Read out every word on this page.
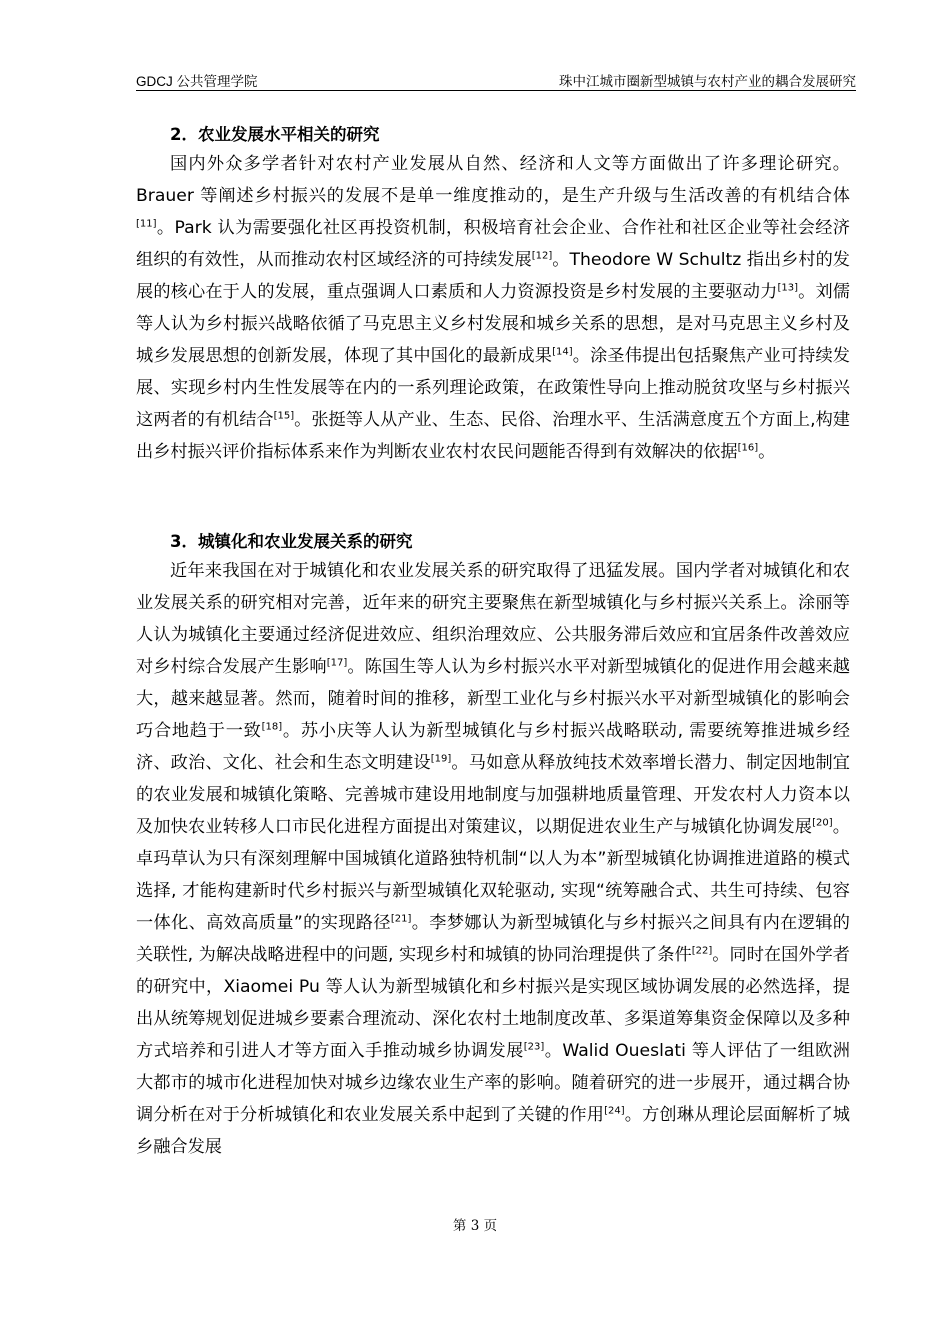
GDCJ 公共管理学院	珠中江城市圈新型城镇与农村产业的耦合发展研究
2．农业发展水平相关的研究
国内外众多学者针对农村产业发展从自然、经济和人文等方面做出了许多理论研究。Brauer 等阐述乡村振兴的发展不是单一维度推动的，是生产升级与生活改善的有机结合体[11]。Park 认为需要强化社区再投资机制，积极培育社会企业、合作社和社区企业等社会经济组织的有效性，从而推动农村区域经济的可持续发展[12]。Theodore W Schultz 指出乡村的发展的核心在于人的发展，重点强调人口素质和人力资源投资是乡村发展的主要驱动力[13]。刘儒等人认为乡村振兴战略依循了马克思主义乡村发展和城乡关系的思想，是对马克思主义乡村及城乡发展思想的创新发展，体现了其中国化的最新成果[14]。涂圣伟提出包括聚焦产业可持续发展、实现乡村内生性发展等在内的一系列理论政策，在政策性导向上推动脱贫攻坚与乡村振兴这两者的有机结合[15]。张挺等人从产业、生态、民俗、治理水平、生活满意度五个方面上,构建出乡村振兴评价指标体系来作为判断农业农村农民问题能否得到有效解决的依据[16]。
3．城镇化和农业发展关系的研究
近年来我国在对于城镇化和农业发展关系的研究取得了迅猛发展。国内学者对城镇化和农业发展关系的研究相对完善，近年来的研究主要聚焦在新型城镇化与乡村振兴关系上。涂丽等人认为城镇化主要通过经济促进效应、组织治理效应、公共服务滞后效应和宜居条件改善效应对乡村综合发展产生影响[17]。陈国生等人认为乡村振兴水平对新型城镇化的促进作用会越来越大，越来越显著。然而，随着时间的推移，新型工业化与乡村振兴水平对新型城镇化的影响会巧合地趋于一致[18]。苏小庆等人认为新型城镇化与乡村振兴战略联动, 需要统筹推进城乡经济、政治、文化、社会和生态文明建设[19]。马如意从释放纯技术效率增长潜力、制定因地制宜的农业发展和城镇化策略、完善城市建设用地制度与加强耕地质量管理、开发农村人力资本以及加快农业转移人口市民化进程方面提出对策建议，以期促进农业生产与城镇化协调发展[20]。卓玛草认为只有深刻理解中国城镇化道路独特机制“以人为本”新型城镇化协调推进道路的模式选择, 才能构建新时代乡村振兴与新型城镇化双轮驱动, 实现“统筹融合式、共生可持续、包容一体化、高效高质量”的实现路径[21]。李梦娜认为新型城镇化与乡村振兴之间具有内在逻辑的关联性, 为解决战略进程中的问题, 实现乡村和城镇的协同治理提供了条件[22]。同时在国外学者的研究中，Xiaomei Pu 等人认为新型城镇化和乡村振兴是实现区域协调发展的必然选择，提出从统筹规划促进城乡要素合理流动、深化农村土地制度改革、多渠道筹集资金保障以及多种方式培养和引进人才等方面入手推动城乡协调发展[23]。Walid Oueslati 等人评估了一组欧洲大都市的城市化进程加快对城乡边缘农业生产率的影响。随着研究的进一步展开，通过耦合协调分析在对于分析城镇化和农业发展关系中起到了关键的作用[24]。方创琳从理论层面解析了城乡融合发展
第 3 页
